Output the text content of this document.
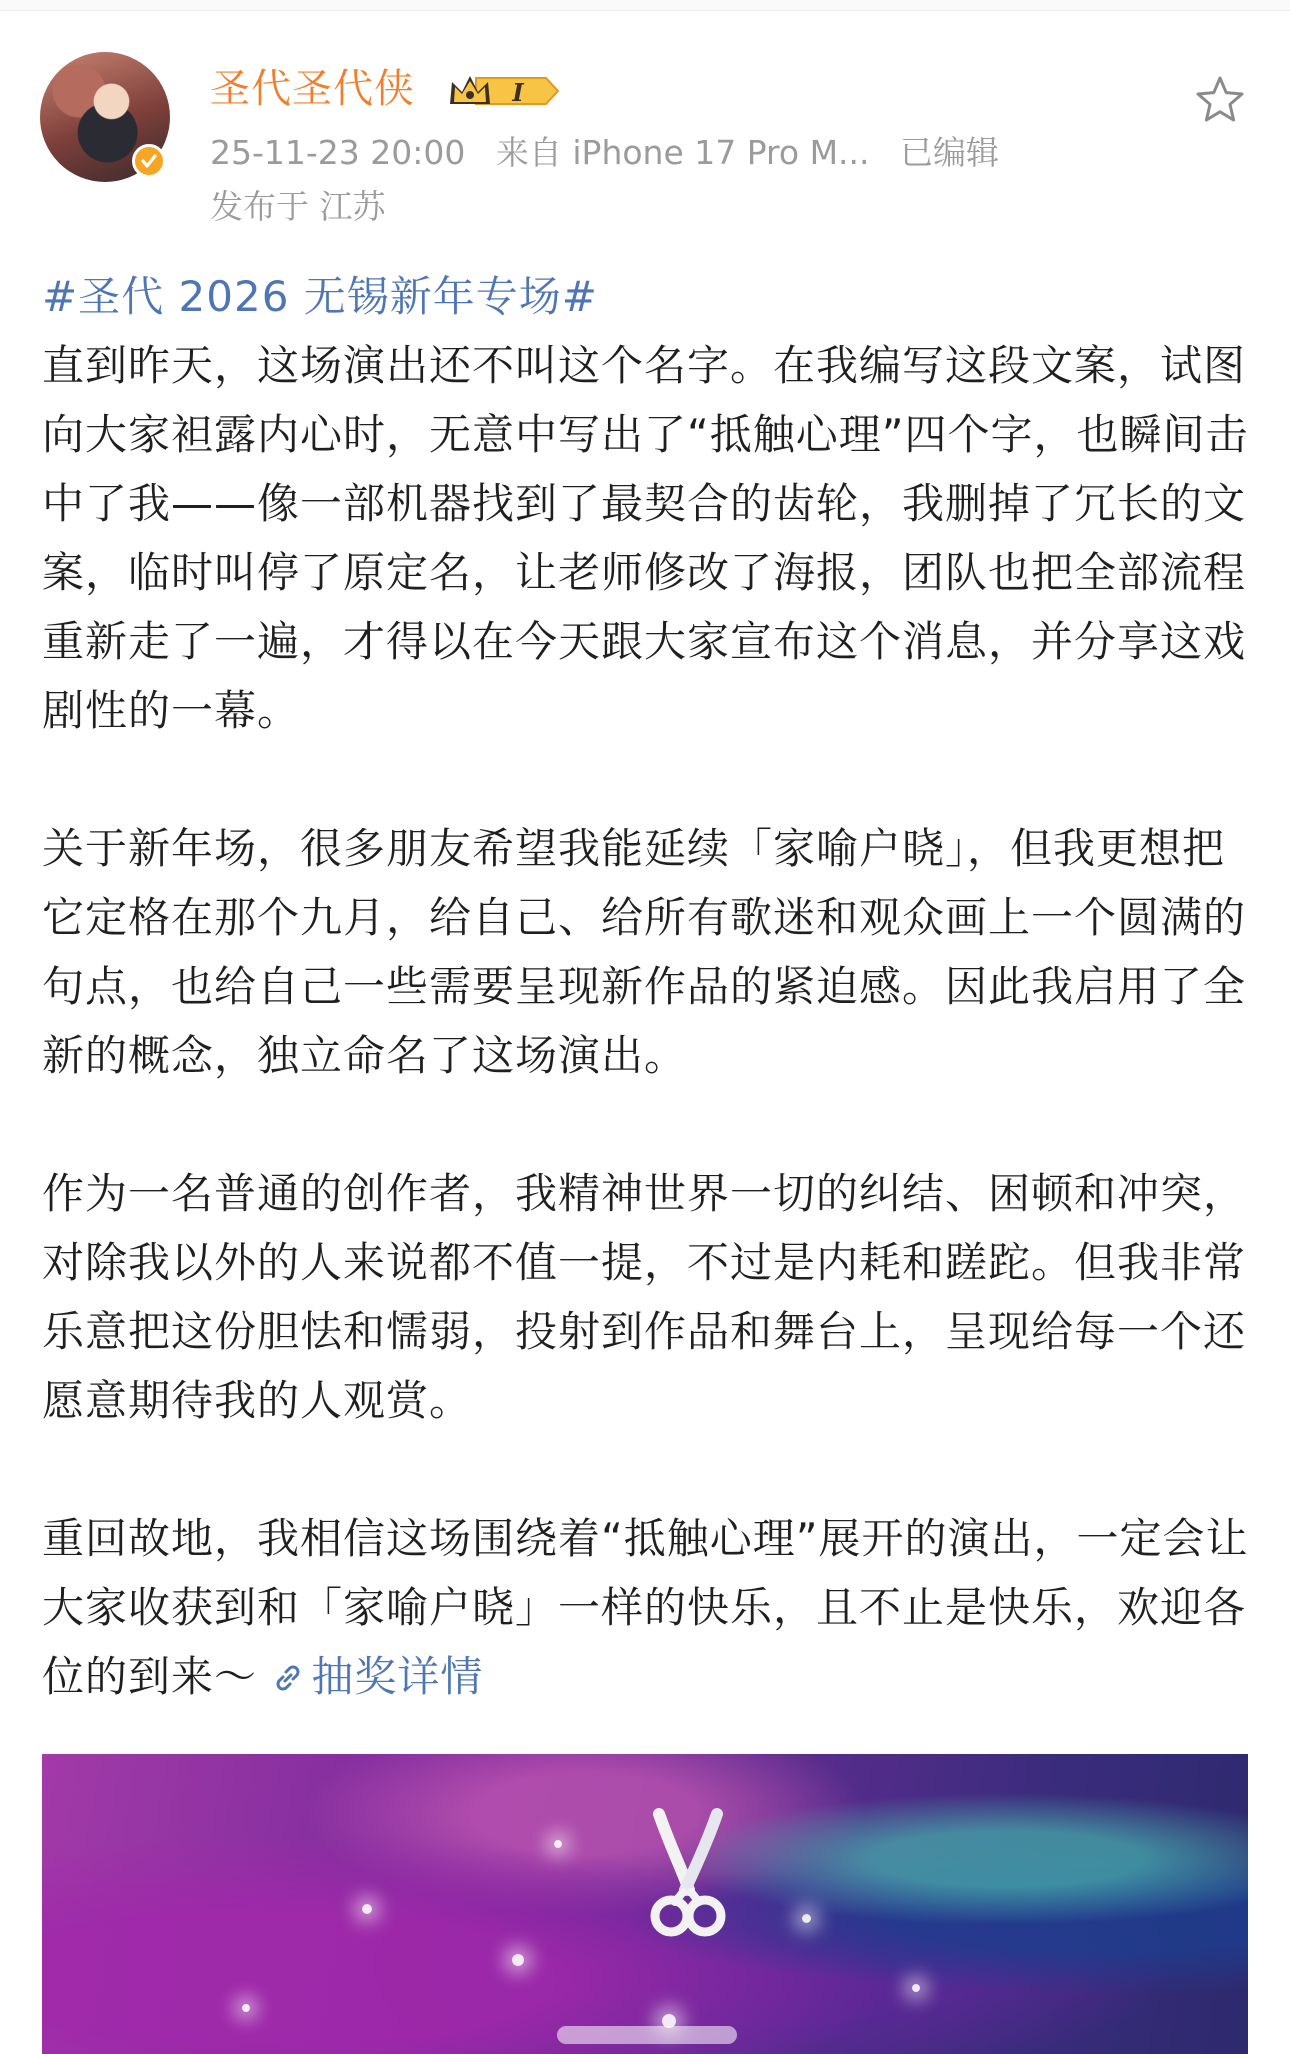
圣代圣代侠	I
25-11-23 20:00 来自 iPhone 17 Pro M... 已编辑
发布于 江苏
#圣代 2026 无锡新年专场#

直到昨天，这场演出还不叫这个名字。在我编写这段文案，试图向大家袒露内心时，无意中写出了“抵触心理”四个字，也瞬间击中了我——像一部机器找到了最契合的齿轮，我删掉了冗长的文案，临时叫停了原定名，让老师修改了海报，团队也把全部流程重新走了一遍，才得以在今天跟大家宣布这个消息，并分享这戏剧性的一幕。

关于新年场，很多朋友希望我能延续「家喻户晓」，但我更想把它定格在那个九月，给自己、给所有歌迷和观众画上一个圆满的句点，也给自己一些需要呈现新作品的紧迫感。因此我启用了全新的概念，独立命名了这场演出。

作为一名普通的创作者，我精神世界一切的纠结、困顿和冲突，对除我以外的人来说都不值一提，不过是内耗和蹉跎。但我非常乐意把这份胆怯和懦弱，投射到作品和舞台上，呈现给每一个还愿意期待我的人观赏。

重回故地，我相信这场围绕着“抵触心理”展开的演出，一定会让大家收获到和「家喻户晓」一样的快乐，且不止是快乐，欢迎各位的到来～ 抽奖详情
